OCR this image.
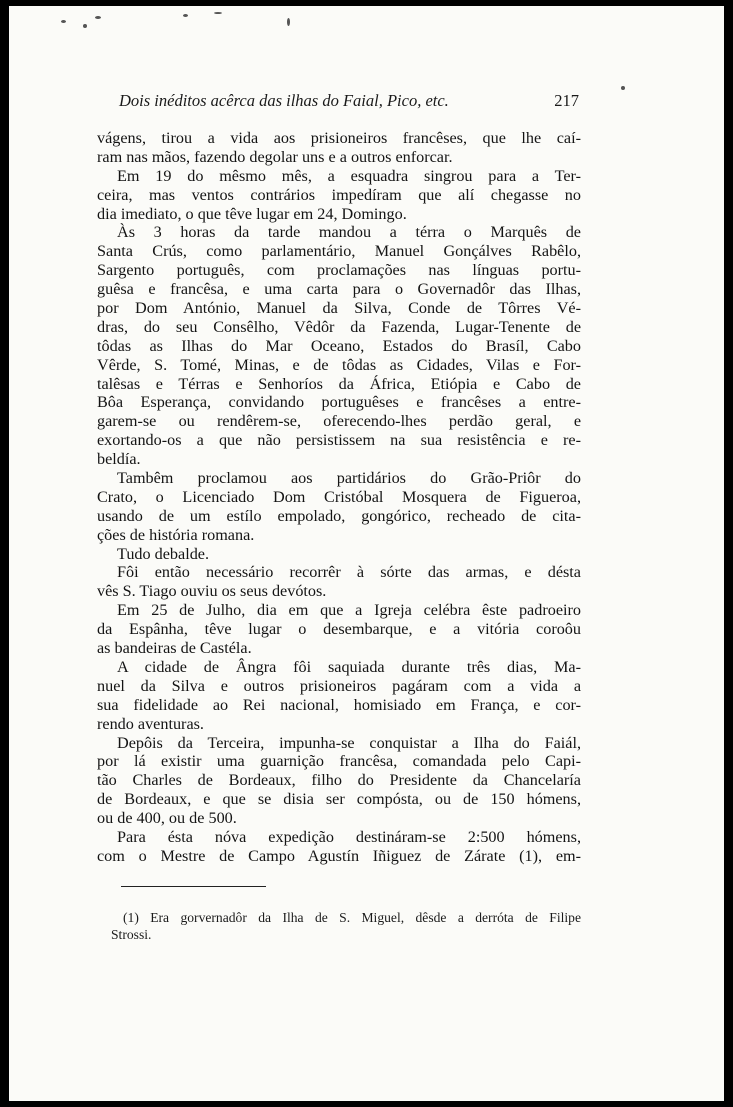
Dois inéditos acêrca das ilhas do Faial, Pico, etc.	217
vágens, tirou a vida aos prisioneiros francêses, que lhe caí-
ram nas mãos, fazendo degolar uns e a outros enforcar.
Em 19 do mêsmo mês, a esquadra singrou para a Ter-
ceira, mas ventos contrários impedíram que alí chegasse no
dia imediato, o que têve lugar em 24, Domingo.
Às 3 horas da tarde mandou a térra o Marquês de
Santa Crús, como parlamentário, Manuel Gonçálves Rabêlo,
Sargento português, com proclamações nas línguas portu-
guêsa e francêsa, e uma carta para o Governadôr das Ilhas,
por Dom António, Manuel da Silva, Conde de Tôrres Vé-
dras, do seu Consêlho, Vêdôr da Fazenda, Lugar-Tenente de
tôdas as Ilhas do Mar Oceano, Estados do Brasíl, Cabo
Vêrde, S. Tomé, Minas, e de tôdas as Cidades, Vilas e For-
talêsas e Térras e Senhoríos da África, Etiópia e Cabo de
Bôa Esperança, convidando portuguêses e francêses a entre-
garem-se ou rendêrem-se, oferecendo-lhes perdão geral, e
exortando-os a que não persistissem na sua resistência e re-
beldía.
Tambêm proclamou aos partidários do Grão-Priôr do
Crato, o Licenciado Dom Cristóbal Mosquera de Figueroa,
usando de um estílo empolado, gongórico, recheado de cita-
ções de história romana.
Tudo debalde.
Fôi então necessário recorrêr à sórte das armas, e désta
vês S. Tiago ouviu os seus devótos.
Em 25 de Julho, dia em que a Igreja celébra êste padroeiro
da Espânha, têve lugar o desembarque, e a vitória coroôu
as bandeiras de Castéla.
A cidade de Ângra fôi saquiada durante três dias, Ma-
nuel da Silva e outros prisioneiros pagáram com a vida a
sua fidelidade ao Rei nacional, homisiado em França, e cor-
rendo aventuras.
Depôis da Terceira, impunha-se conquistar a Ilha do Faiál,
por lá existir uma guarnição francêsa, comandada pelo Capi-
tão Charles de Bordeaux, filho do Presidente da Chancelaría
de Bordeaux, e que se disia ser compósta, ou de 150 hómens,
ou de 400, ou de 500.
Para ésta nóva expedição destináram-se 2:500 hómens,
com o Mestre de Campo Agustín Iñiguez de Zárate (1), em-
(1) Era gorvernadôr da Ilha de S. Miguel, dêsde a derróta de Filipe
Strossi.
